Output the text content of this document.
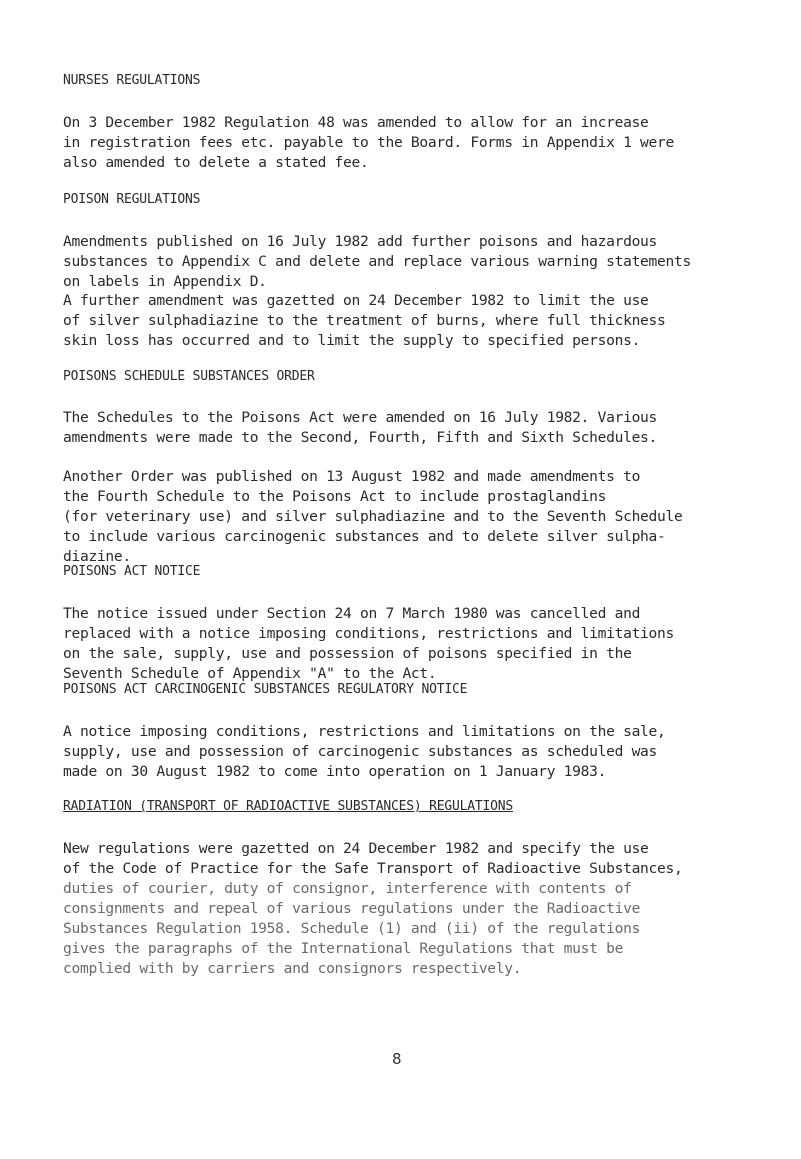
NURSES REGULATIONS

On 3 December 1982 Regulation 48 was amended to allow for an increase
in registration fees etc. payable to the Board. Forms in Appendix 1 were
also amended to delete a stated fee.

POISON REGULATIONS

Amendments published on 16 July 1982 add further poisons and hazardous
substances to Appendix C and delete and replace various warning statements
on labels in Appendix D.

A further amendment was gazetted on 24 December 1982 to limit the use
of silver sulphadiazine to the treatment of burns, where full thickness
skin loss has occurred and to limit the supply to specified persons.

POISONS SCHEDULE SUBSTANCES ORDER

The Schedules to the Poisons Act were amended on 16 July 1982. Various
amendments were made to the Second, Fourth, Fifth and Sixth Schedules.

Another Order was published on 13 August 1982 and made amendments to
the Fourth Schedule to the Poisons Act to include prostaglandins
(for veterinary use) and silver sulphadiazine and to the Seventh Schedule
to include various carcinogenic substances and to delete silver sulpha-
diazine.

POISONS ACT NOTICE

The notice issued under Section 24 on 7 March 1980 was cancelled and
replaced with a notice imposing conditions, restrictions and limitations
on the sale, supply, use and possession of poisons specified in the
Seventh Schedule of Appendix "A" to the Act.

POISONS ACT CARCINOGENIC SUBSTANCES REGULATORY NOTICE

A notice imposing conditions, restrictions and limitations on the sale,
supply, use and possession of carcinogenic substances as scheduled was
made on 30 August 1982 to come into operation on 1 January 1983.

RADIATION (TRANSPORT OF RADIOACTIVE SUBSTANCES) REGULATIONS

New regulations were gazetted on 24 December 1982 and specify the use
of the Code of Practice for the Safe Transport of Radioactive Substances,
duties of courier, duty of consignor, interference with contents of
consignments and repeal of various regulations under the Radioactive
Substances Regulation 1958. Schedule (1) and (ii) of the regulations
gives the paragraphs of the International Regulations that must be
complied with by carriers and consignors respectively.

8
